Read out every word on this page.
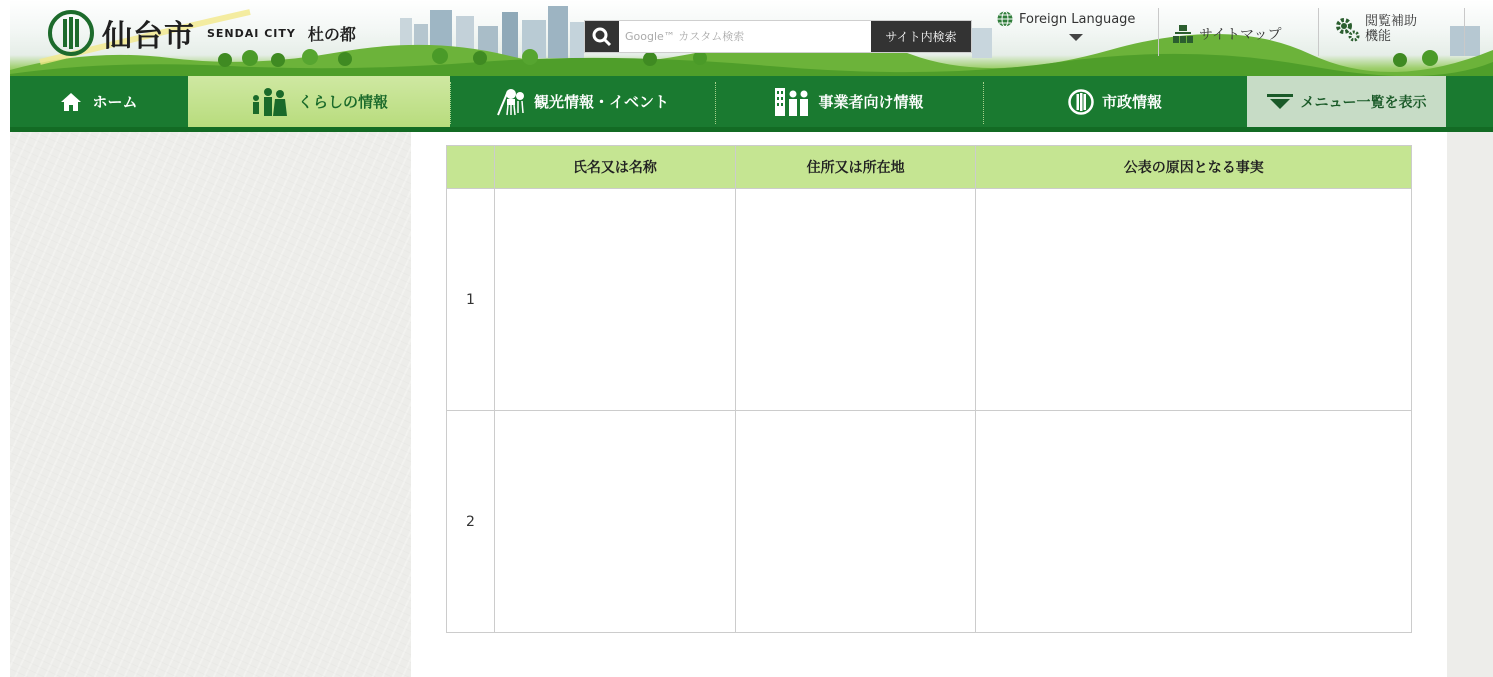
仙台市 SENDAI CITY 杜の都
Google™ カスタム検索	サイト内検索
Foreign Language
サイトマップ
閲覧補助
機能
ホーム	くらしの情報	観光情報・イベント	事業者向け情報	市政情報	メニュー一覧を表示
	氏名又は名称	住所又は所在地	公表の原因となる事実
1			
2			
